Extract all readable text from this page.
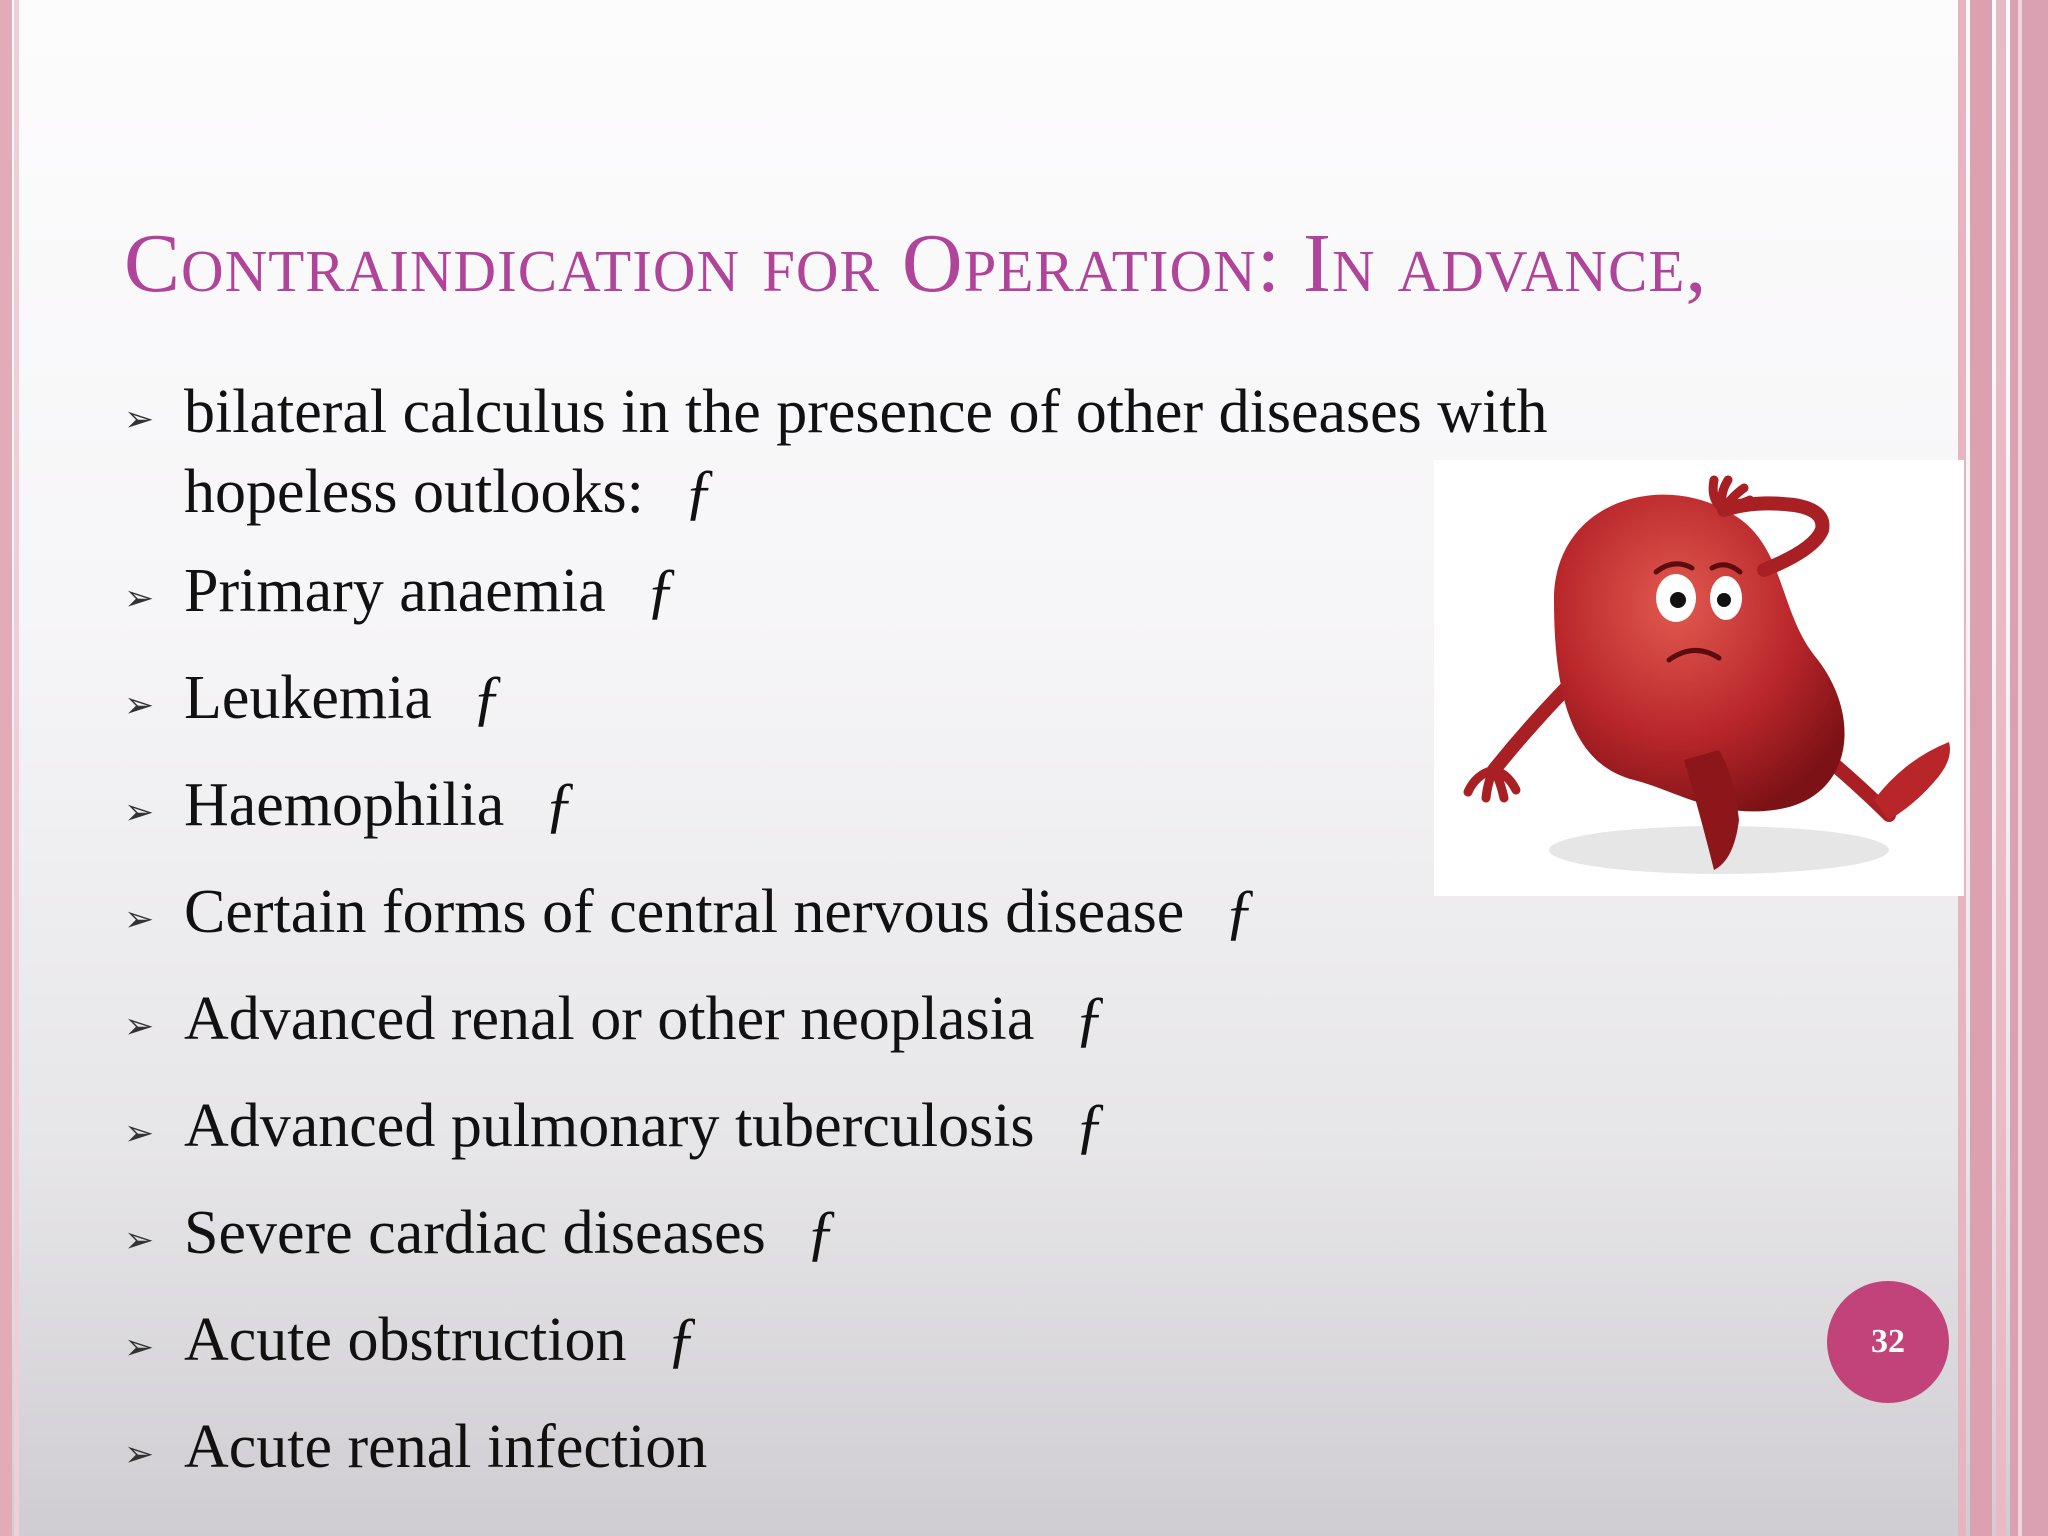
Contraindication for Operation: In advance,
➢ bilateral calculus in the presence of other diseases with hopeless outlooks: ƒ
➢ Primary anaemia ƒ
➢ Leukemia ƒ
➢ Haemophilia ƒ
➢ Certain forms of central nervous disease ƒ
➢ Advanced renal or other neoplasia ƒ
➢ Advanced pulmonary tuberculosis ƒ
➢ Severe cardiac diseases ƒ
➢ Acute obstruction ƒ
➢ Acute renal infection
32
